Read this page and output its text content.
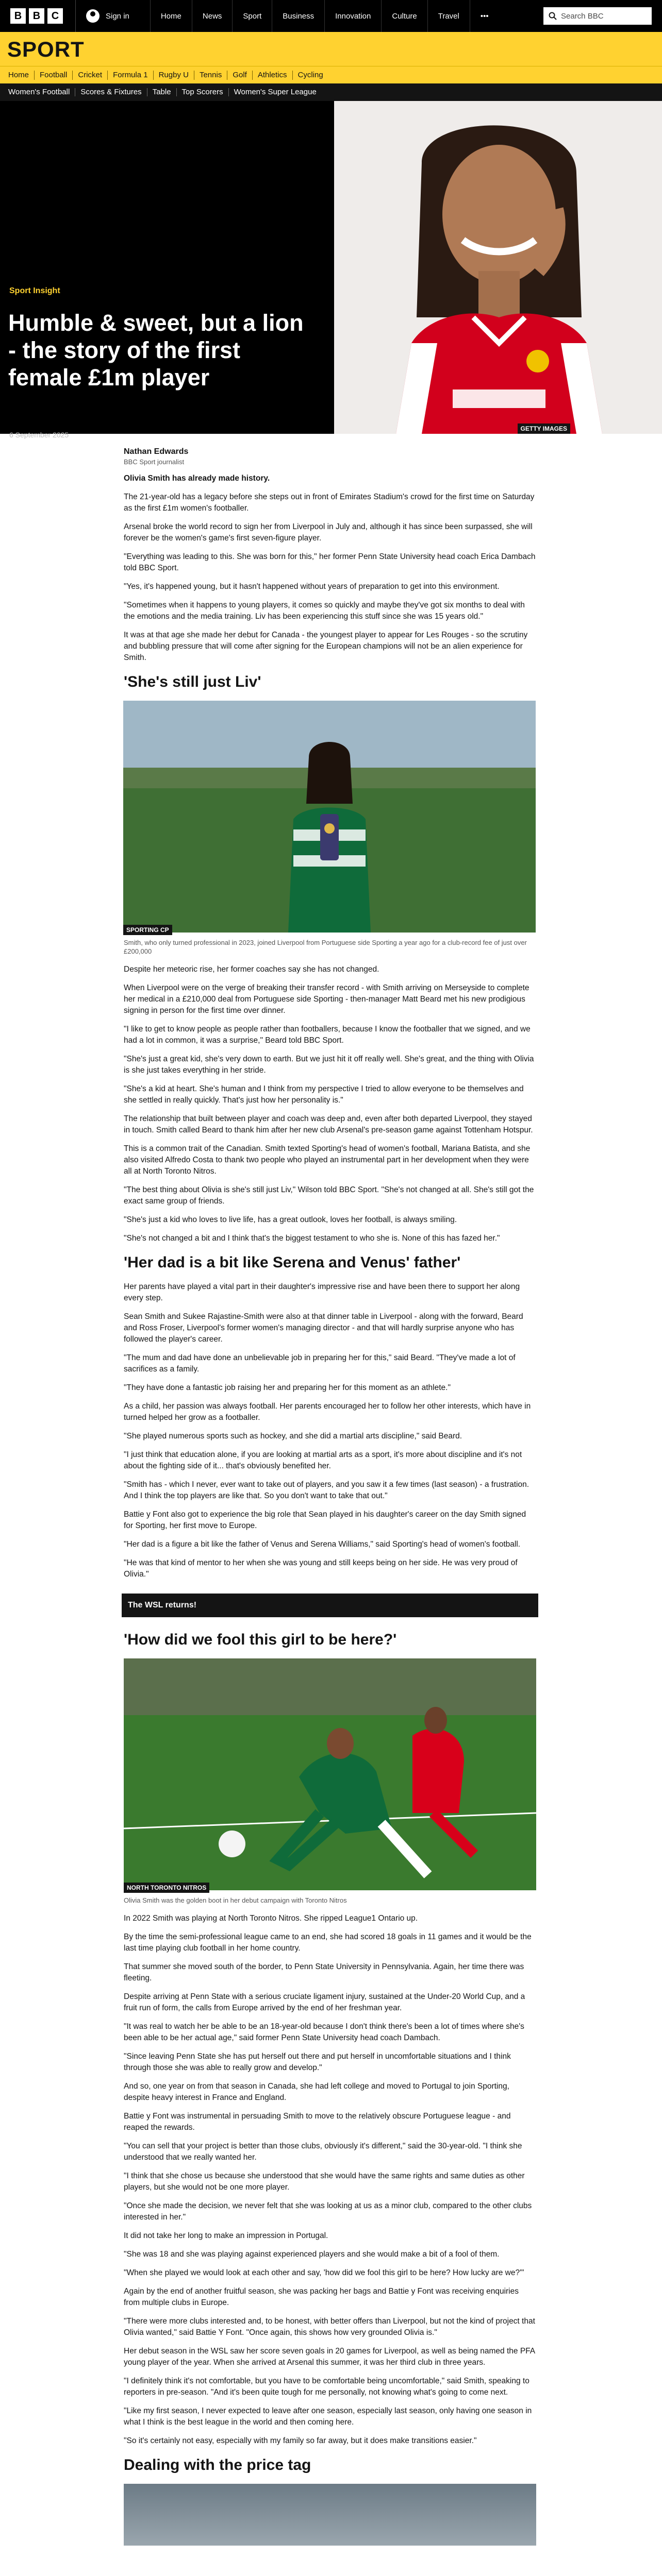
B	B	C	Sign in	Home	News	Sport	Business	Innovation	Culture	Travel	•••	Search BBC
SPORT
Home	Football	Cricket	Formula 1	Rugby U	Tennis	Golf	Athletics	Cycling
Women's Football	Scores & Fixtures	Table	Top Scorers	Women's Super League
Sport Insight
Humble & sweet, but a lion - the story of the first female £1m player
6 September 2025
GETTY IMAGES
Nathan Edwards
BBC Sport journalist

Olivia Smith has already made history.

The 21-year-old has a legacy before she steps out in front of Emirates Stadium's crowd for the first time on Saturday as the first £1m women's footballer.

Arsenal broke the world record to sign her from Liverpool in July and, although it has since been surpassed, she will forever be the women's game's first seven-figure player.

"Everything was leading to this. She was born for this," her former Penn State University head coach Erica Dambach told BBC Sport.

"Yes, it's happened young, but it hasn't happened without years of preparation to get into this environment.

"Sometimes when it happens to young players, it comes so quickly and maybe they've got six months to deal with the emotions and the media training. Liv has been experiencing this stuff since she was 15 years old."

It was at that age she made her debut for Canada - the youngest player to appear for Les Rouges - so the scrutiny and bubbling pressure that will come after signing for the European champions will not be an alien experience for Smith.

'She's still just Liv'
SPORTING CP
Smith, who only turned professional in 2023, joined Liverpool from Portuguese side Sporting a year ago for a club-record fee of just over £200,000

Despite her meteoric rise, her former coaches say she has not changed.

When Liverpool were on the verge of breaking their transfer record - with Smith arriving on Merseyside to complete her medical in a £210,000 deal from Portuguese side Sporting - then-manager Matt Beard met his new prodigious signing in person for the first time over dinner.

"I like to get to know people as people rather than footballers, because I know the footballer that we signed, and we had a lot in common, it was a surprise," Beard told BBC Sport.

"She's just a great kid, she's very down to earth. But we just hit it off really well. She's great, and the thing with Olivia is she just takes everything in her stride.

"She's a kid at heart. She's human and I think from my perspective I tried to allow everyone to be themselves and she settled in really quickly. That's just how her personality is."

The relationship that built between player and coach was deep and, even after both departed Liverpool, they stayed in touch. Smith called Beard to thank him after her new club Arsenal's pre-season game against Tottenham Hotspur.

This is a common trait of the Canadian. Smith texted Sporting's head of women's football, Mariana Batista, and she also visited Alfredo Costa to thank two people who played an instrumental part in her development when they were all at North Toronto Nitros.

"The best thing about Olivia is she's still just Liv," Wilson told BBC Sport. "She's not changed at all. She's still got the exact same group of friends.

"She's just a kid who loves to live life, has a great outlook, loves her football, is always smiling.

"She's not changed a bit and I think that's the biggest testament to who she is. None of this has fazed her."

'Her dad is a bit like Serena and Venus' father'

Her parents have played a vital part in their daughter's impressive rise and have been there to support her along every step.

Sean Smith and Sukee Rajastine-Smith were also at that dinner table in Liverpool - along with the forward, Beard and Ross Froser, Liverpool's former women's managing director - and that will hardly surprise anyone who has followed the player's career.

"The mum and dad have done an unbelievable job in preparing her for this," said Beard. "They've made a lot of sacrifices as a family.

"They have done a fantastic job raising her and preparing her for this moment as an athlete."

As a child, her passion was always football. Her parents encouraged her to follow her other interests, which have in turned helped her grow as a footballer.

"She played numerous sports such as hockey, and she did a martial arts discipline," said Beard.

"I just think that education alone, if you are looking at martial arts as a sport, it's more about discipline and it's not about the fighting side of it... that's obviously benefited her.

"Smith has - which I never, ever want to take out of players, and you saw it a few times (last season) - a frustration. And I think the top players are like that. So you don't want to take that out."

Battie y Font also got to experience the big role that Sean played in his daughter's career on the day Smith signed for Sporting, her first move to Europe.

"Her dad is a figure a bit like the father of Venus and Serena Williams," said Sporting's head of women's football.

"He was that kind of mentor to her when she was young and still keeps being on her side. He was very proud of Olivia."

The WSL returns!
'How did we fool this girl to be here?'
NORTH TORONTO NITROS
Olivia Smith was the golden boot in her debut campaign with Toronto Nitros

In 2022 Smith was playing at North Toronto Nitros. She ripped League1 Ontario up.

By the time the semi-professional league came to an end, she had scored 18 goals in 11 games and it would be the last time playing club football in her home country.

That summer she moved south of the border, to Penn State University in Pennsylvania. Again, her time there was fleeting.

Despite arriving at Penn State with a serious cruciate ligament injury, sustained at the Under-20 World Cup, and a fruit run of form, the calls from Europe arrived by the end of her freshman year.

"It was real to watch her be able to be an 18-year-old because I don't think there's been a lot of times where she's been able to be her actual age," said former Penn State University head coach Dambach.

"Since leaving Penn State she has put herself out there and put herself in uncomfortable situations and I think through those she was able to really grow and develop."

And so, one year on from that season in Canada, she had left college and moved to Portugal to join Sporting, despite heavy interest in France and England.

Battie y Font was instrumental in persuading Smith to move to the relatively obscure Portuguese league - and reaped the rewards.

"You can sell that your project is better than those clubs, obviously it's different," said the 30-year-old. "I think she understood that we really wanted her.

"I think that she chose us because she understood that she would have the same rights and same duties as other players, but she would not be one more player.

"Once she made the decision, we never felt that she was looking at us as a minor club, compared to the other clubs interested in her."

It did not take her long to make an impression in Portugal.

"She was 18 and she was playing against experienced players and she would make a bit of a fool of them.

"When she played we would look at each other and say, 'how did we fool this girl to be here? How lucky are we?'"

Again by the end of another fruitful season, she was packing her bags and Battie y Font was receiving enquiries from multiple clubs in Europe.

"There were more clubs interested and, to be honest, with better offers than Liverpool, but not the kind of project that Olivia wanted," said Battie Y Font. "Once again, this shows how very grounded Olivia is."

Her debut season in the WSL saw her score seven goals in 20 games for Liverpool, as well as being named the PFA young player of the year. When she arrived at Arsenal this summer, it was her third club in three years.

"I definitely think it's not comfortable, but you have to be comfortable being uncomfortable," said Smith, speaking to reporters in pre-season. "And it's been quite tough for me personally, not knowing what's going to come next.

"Like my first season, I never expected to leave after one season, especially last season, only having one season in what I think is the best league in the world and then coming here.

"So it's certainly not easy, especially with my family so far away, but it does make transitions easier."

Dealing with the price tag
